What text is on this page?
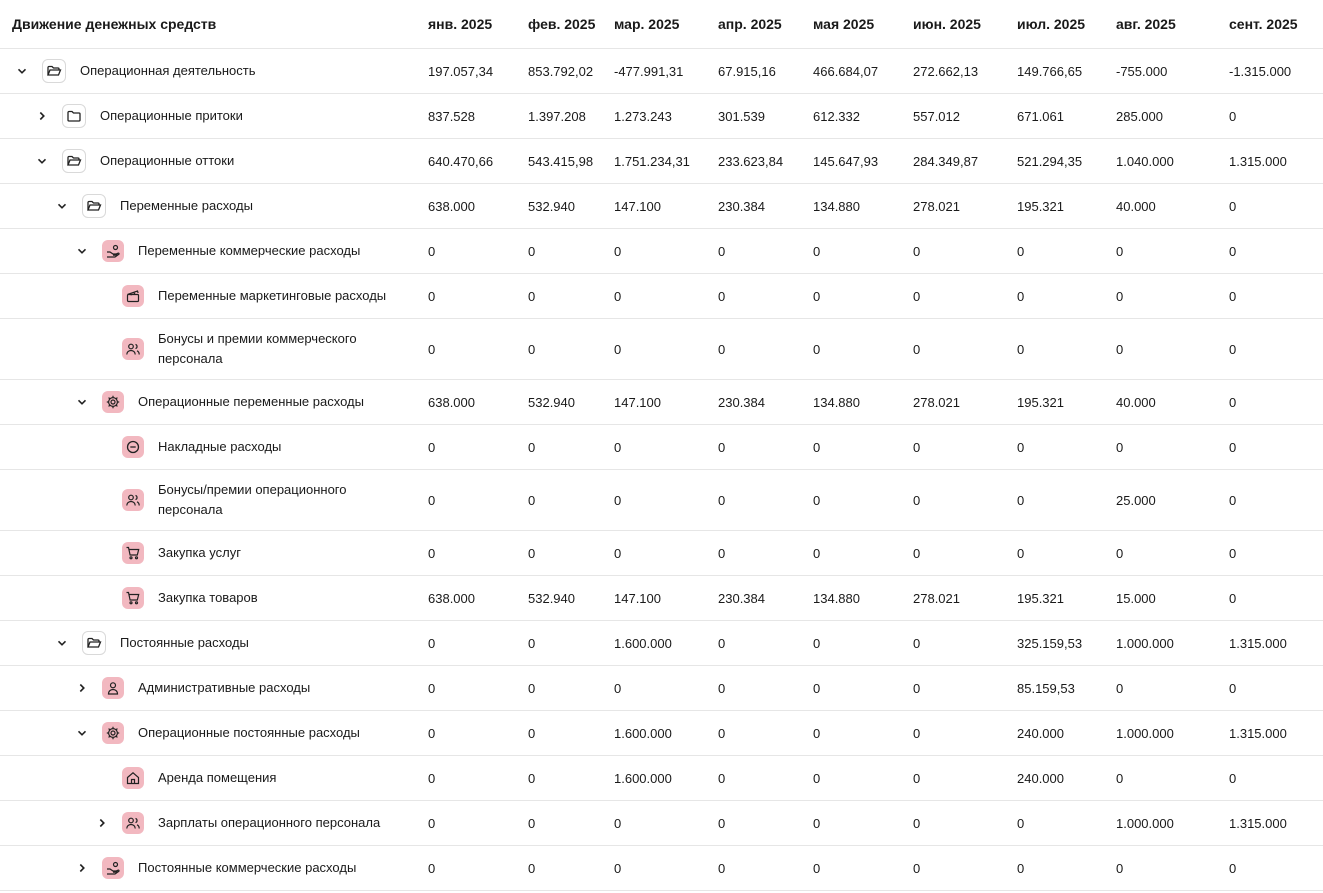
Движение денежных средств	янв. 2025	фев. 2025	мар. 2025	апр. 2025	мая 2025	июн. 2025	июл. 2025	авг. 2025	сент. 2025

Операционная деятельность	197.057,34	853.792,02	-477.991,31	67.915,16	466.684,07	272.662,13	149.766,65	-755.000	-1.315.000

Операционные притоки	837.528	1.397.208	1.273.243	301.539	612.332	557.012	671.061	285.000	0

Операционные оттоки	640.470,66	543.415,98	1.751.234,31	233.623,84	145.647,93	284.349,87	521.294,35	1.040.000	1.315.000

Переменные расходы	638.000	532.940	147.100	230.384	134.880	278.021	195.321	40.000	0

Переменные коммерческие расходы	0	0	0	0	0	0	0	0	0

Переменные маркетинговые расходы	0	0	0	0	0	0	0	0	0

Бонусы и премии коммерческого персонала	0	0	0	0	0	0	0	0	0

Операционные переменные расходы	638.000	532.940	147.100	230.384	134.880	278.021	195.321	40.000	0

Накладные расходы	0	0	0	0	0	0	0	0	0

Бонусы/премии операционного персонала	0	0	0	0	0	0	0	25.000	0

Закупка услуг	0	0	0	0	0	0	0	0	0

Закупка товаров	638.000	532.940	147.100	230.384	134.880	278.021	195.321	15.000	0

Постоянные расходы	0	0	1.600.000	0	0	0	325.159,53	1.000.000	1.315.000

Административные расходы	0	0	0	0	0	0	85.159,53	0	0

Операционные постоянные расходы	0	0	1.600.000	0	0	0	240.000	1.000.000	1.315.000

Аренда помещения	0	0	1.600.000	0	0	0	240.000	0	0

Зарплаты операционного персонала	0	0	0	0	0	0	0	1.000.000	1.315.000

Постоянные коммерческие расходы	0	0	0	0	0	0	0	0	0
